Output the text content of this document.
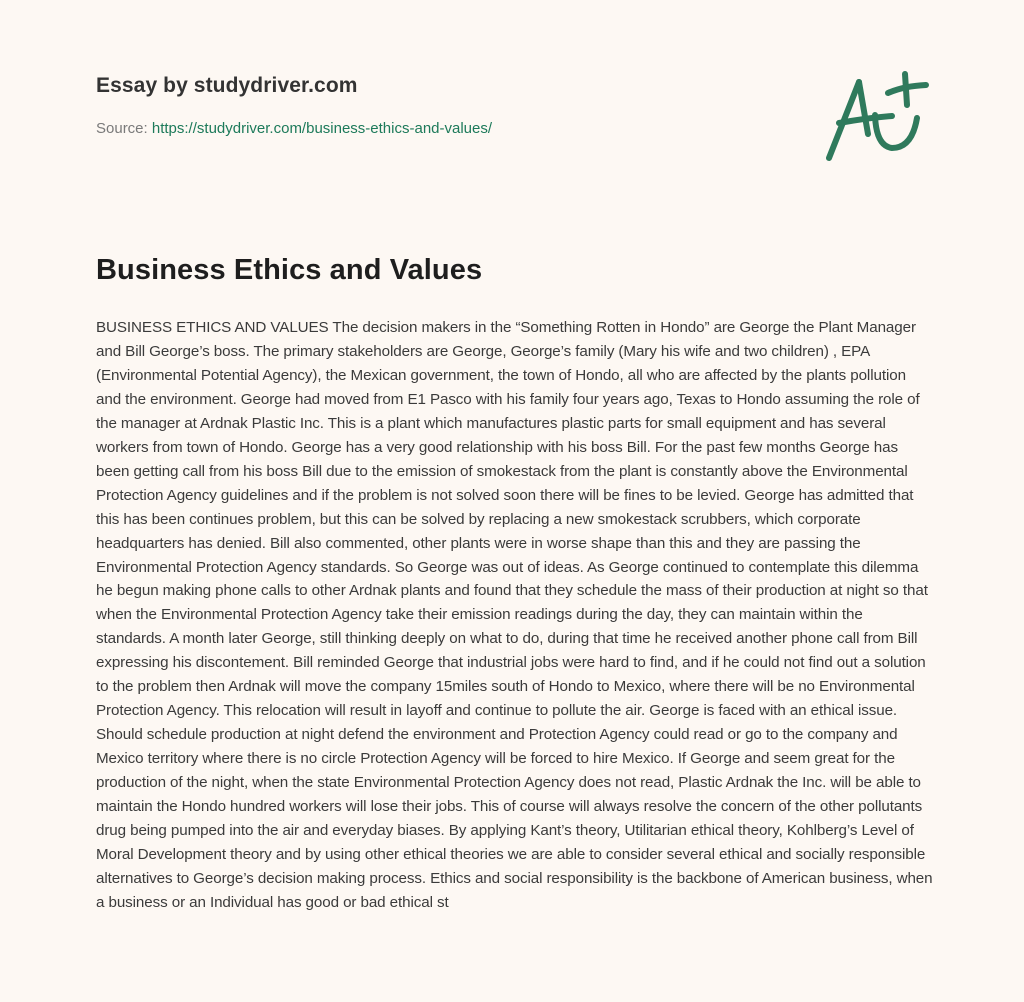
Essay by studydriver.com
Source: https://studydriver.com/business-ethics-and-values/
Business Ethics and Values

BUSINESS ETHICS AND VALUES The decision makers in the “Something Rotten in Hondo” are George the Plant Manager and Bill George’s boss. The primary stakeholders are George, George’s family (Mary his wife and two children) , EPA (Environmental Potential Agency), the Mexican government, the town of Hondo, all who are affected by the plants pollution and the environment. George had moved from E1 Pasco with his family four years ago, Texas to Hondo assuming the role of the manager at Ardnak Plastic Inc. This is a plant which manufactures plastic parts for small equipment and has several workers from town of Hondo. George has a very good relationship with his boss Bill. For the past few months George has been getting call from his boss Bill due to the emission of smokestack from the plant is constantly above the Environmental Protection Agency guidelines and if the problem is not solved soon there will be fines to be levied. George has admitted that this has been continues problem, but this can be solved by replacing a new smokestack scrubbers, which corporate headquarters has denied. Bill also commented, other plants were in worse shape than this and they are passing the Environmental Protection Agency standards. So George was out of ideas. As George continued to contemplate this dilemma he begun making phone calls to other Ardnak plants and found that they schedule the mass of their production at night so that when the Environmental Protection Agency take their emission readings during the day, they can maintain within the standards. A month later George, still thinking deeply on what to do, during that time he received another phone call from Bill expressing his discontement. Bill reminded George that industrial jobs were hard to find, and if he could not find out a solution to the problem then Ardnak will move the company 15miles south of Hondo to Mexico, where there will be no Environmental Protection Agency. This relocation will result in layoff and continue to pollute the air. George is faced with an ethical issue. Should schedule production at night defend the environment and Protection Agency could read or go to the company and Mexico territory where there is no circle Protection Agency will be forced to hire Mexico. If George and seem great for the production of the night, when the state Environmental Protection Agency does not read, Plastic Ardnak the Inc. will be able to maintain the Hondo hundred workers will lose their jobs. This of course will always resolve the concern of the other pollutants drug being pumped into the air and everyday biases. By applying Kant’s theory, Utilitarian ethical theory, Kohlberg’s Level of Moral Development theory and by using other ethical theories we are able to consider several ethical and socially responsible alternatives to George’s decision making process. Ethics and social responsibility is the backbone of American business, when a business or an Individual has good or bad ethical st
